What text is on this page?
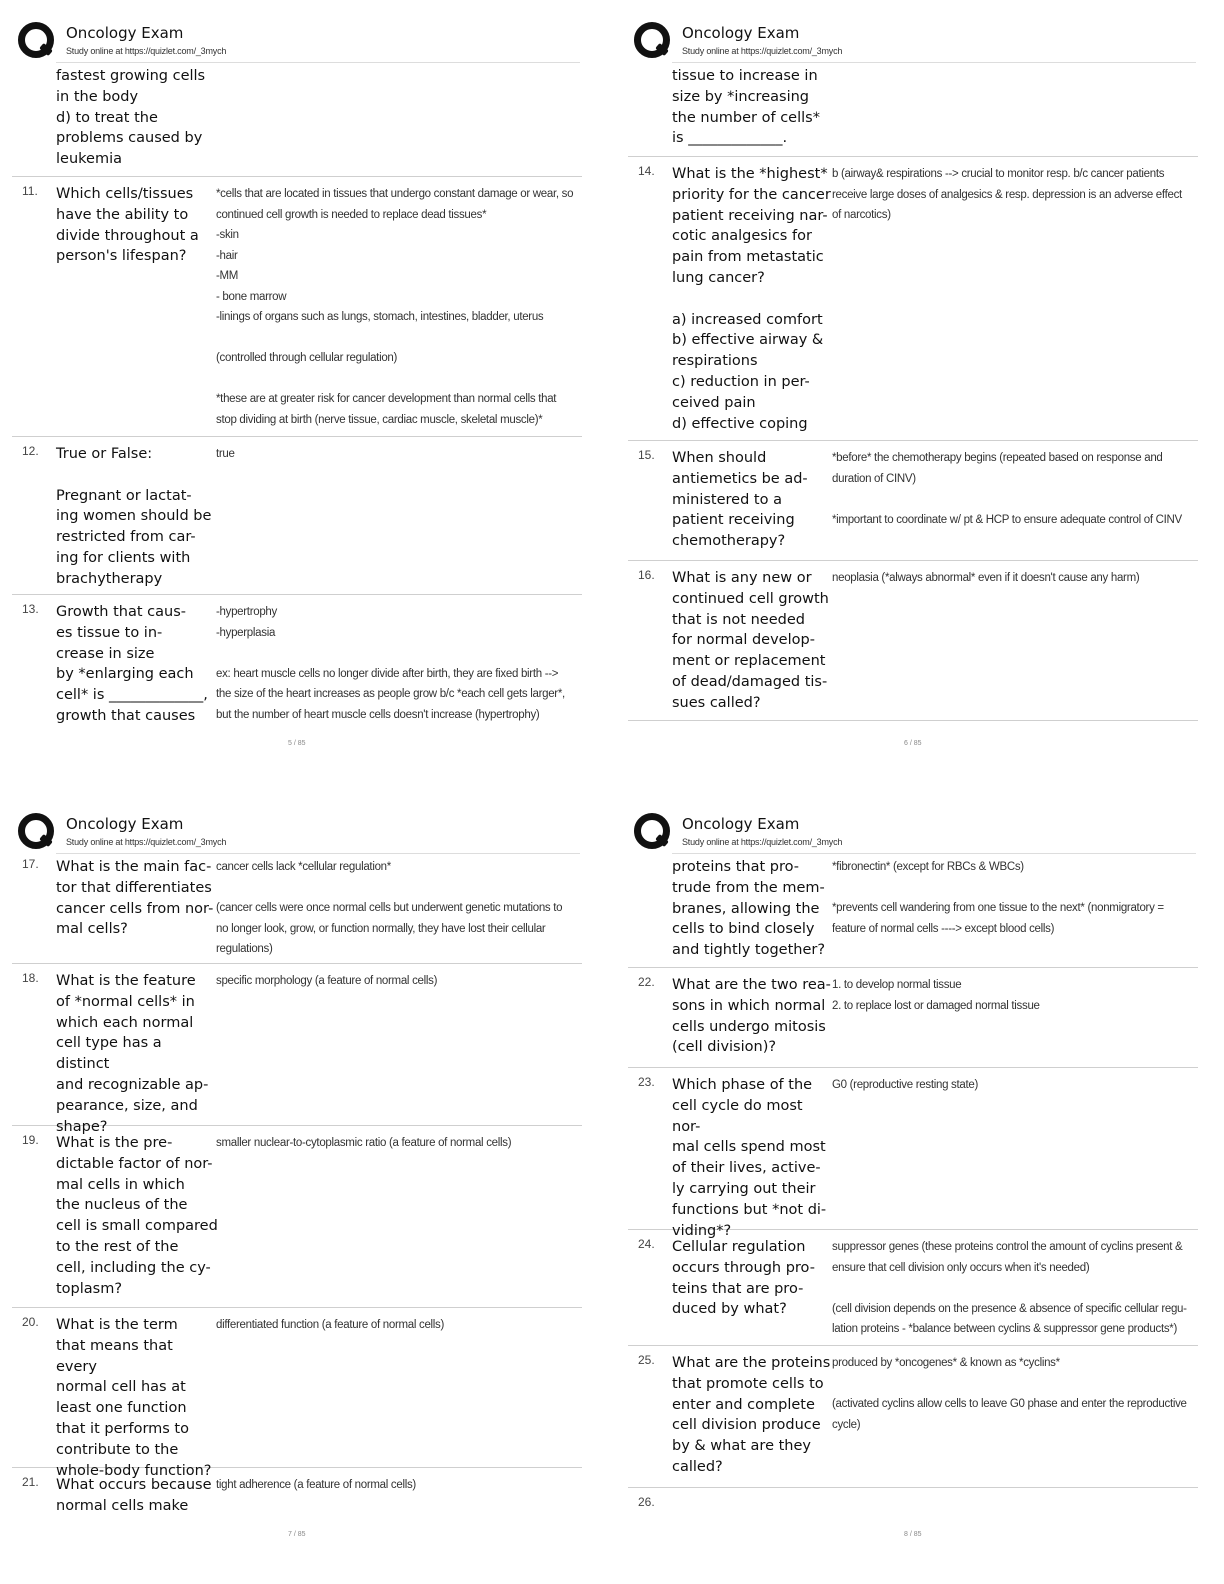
Oncology Exam
Study online at https://quizlet.com/_3mych
fastest growing cells
in the body
d) to treat the
problems caused by
leukemia
11. Which cells/tissues
have the ability to
divide throughout a
person's lifespan?
*cells that are located in tissues that undergo constant damage or wear, so
continued cell growth is needed to replace dead tissues*
-skin
-hair
-MM
- bone marrow
-linings of organs such as lungs, stomach, intestines, bladder, uterus

(controlled through cellular regulation)

*these are at greater risk for cancer development than normal cells that
stop dividing at birth (nerve tissue, cardiac muscle, skeletal muscle)*
12. True or False:

Pregnant or lactat-
ing women should be
restricted from car-
ing for clients with
brachytherapy
true
13. Growth that caus-
es tissue to in-
crease in size
by *enlarging each
cell* is _____________,
growth that causes
-hypertrophy
-hyperplasia

ex: heart muscle cells no longer divide after birth, they are fixed birth -->
the size of the heart increases as people grow b/c *each cell gets larger*,
but the number of heart muscle cells doesn't increase (hypertrophy)
5 / 85
Oncology Exam
Study online at https://quizlet.com/_3mych
tissue to increase in
size by *increasing
the number of cells*
is _____________.
14. What is the *highest*
priority for the cancer
patient receiving nar-
cotic analgesics for
pain from metastatic
lung cancer?

a) increased comfort
b) effective airway &
respirations
c) reduction in per-
ceived pain
d) effective coping
b (airway& respirations --> crucial to monitor resp. b/c cancer patients
receive large doses of analgesics & resp. depression is an adverse effect
of narcotics)
15. When should
antiemetics be ad-
ministered to a
patient receiving
chemotherapy?
*before* the chemotherapy begins (repeated based on response and
duration of CINV)

*important to coordinate w/ pt & HCP to ensure adequate control of CINV
16. What is any new or
continued cell growth
that is not needed
for normal develop-
ment or replacement
of dead/damaged tis-
sues called?
neoplasia (*always abnormal* even if it doesn't cause any harm)
6 / 85
Oncology Exam
Study online at https://quizlet.com/_3mych
17. What is the main fac-
tor that differentiates
cancer cells from nor-
mal cells?
cancer cells lack *cellular regulation*

(cancer cells were once normal cells but underwent genetic mutations to
no longer look, grow, or function normally, they have lost their cellular
regulations)
18. What is the feature
of *normal cells* in
which each normal
cell type has a distinct
and recognizable ap-
pearance, size, and
shape?
specific morphology (a feature of normal cells)
19. What is the pre-
dictable factor of nor-
mal cells in which
the nucleus of the
cell is small compared
to the rest of the
cell, including the cy-
toplasm?
smaller nuclear-to-cytoplasmic ratio (a feature of normal cells)
20. What is the term
that means that every
normal cell has at
least one function
that it performs to
contribute to the
whole-body function?
differentiated function (a feature of normal cells)
21. What occurs because
normal cells make
tight adherence (a feature of normal cells)
7 / 85
Oncology Exam
Study online at https://quizlet.com/_3mych
proteins that pro-
trude from the mem-
branes, allowing the
cells to bind closely
and tightly together?
*fibronectin* (except for RBCs & WBCs)

*prevents cell wandering from one tissue to the next* (nonmigratory =
feature of normal cells ----> except blood cells)
22. What are the two rea-
sons in which normal
cells undergo mitosis
(cell division)?
1. to develop normal tissue
2. to replace lost or damaged normal tissue
23. Which phase of the
cell cycle do most nor-
mal cells spend most
of their lives, active-
ly carrying out their
functions but *not di-
viding*?
G0 (reproductive resting state)
24. Cellular regulation
occurs through pro-
teins that are pro-
duced by what?
suppressor genes (these proteins control the amount of cyclins present &
ensure that cell division only occurs when it's needed)

(cell division depends on the presence & absence of specific cellular regu-
lation proteins - *balance between cyclins & suppressor gene products*)
25. What are the proteins
that promote cells to
enter and complete
cell division produce
by & what are they
called?
produced by *oncogenes* & known as *cyclins*

(activated cyclins allow cells to leave G0 phase and enter the reproductive
cycle)
26.
8 / 85
